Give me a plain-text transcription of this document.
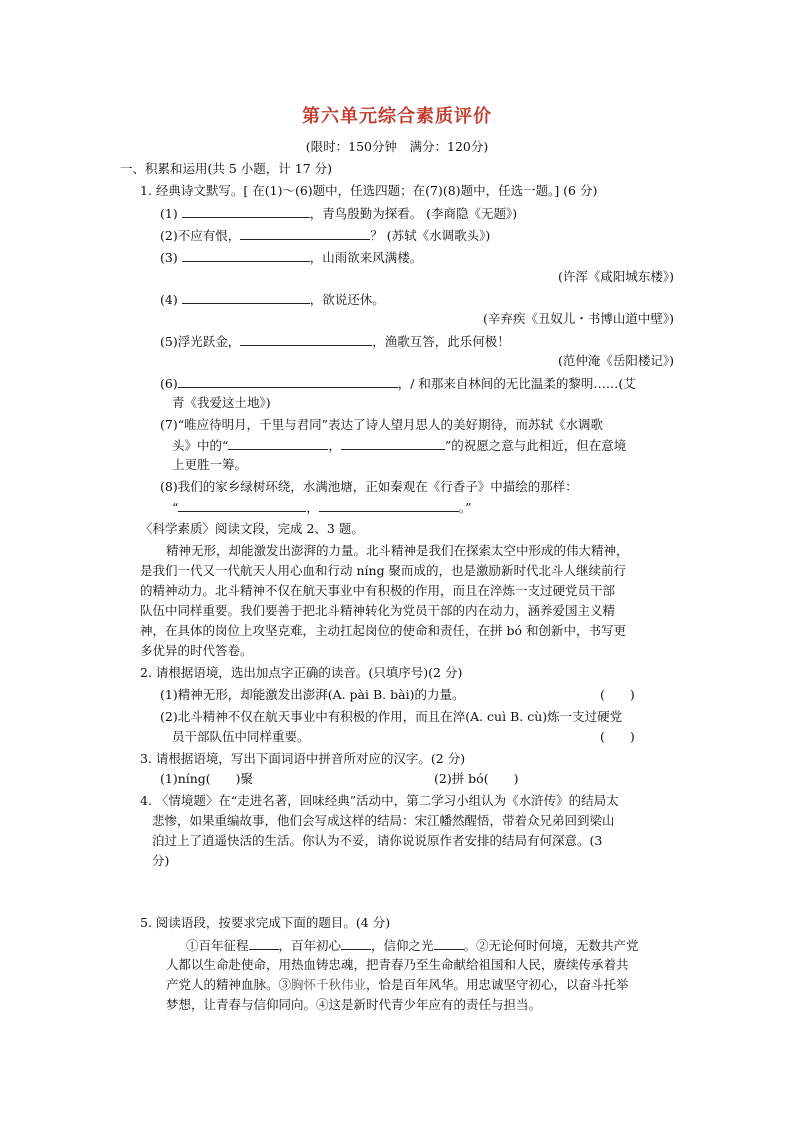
第六单元综合素质评价
(限时：150分钟　满分：120分)
一、积累和运用(共 5 小题，计 17 分)
1. 经典诗文默写。[ 在(1)～(6)题中，任选四题；在(7)(8)题中，任选一题。] (6 分)
(1)	，青鸟殷勤为探看。 (李商隐《无题》)
(2)不应有恨，	？ (苏轼《水调歌头》)
(3)	，山雨欲来风满楼。
(许浑《咸阳城东楼》)
(4)	，欲说还休。
(辛弃疾《丑奴儿・书博山道中壁》)
(5)浮光跃金，	，渔歌互答，此乐何极！
(范仲淹《岳阳楼记》)
(6)	，/ 和那来自林间的无比温柔的黎明……(艾
青《我爱这土地》)
(7)“唯应待明月，千里与君同”表达了诗人望月思人的美好期待，而苏轼《水调歌
头》中的“	，	”的祝愿之意与此相近，但在意境
上更胜一筹。
(8)我们的家乡绿树环绕，水满池塘，正如秦观在《行香子》中描绘的那样：
“	，	。”
〈科学素质〉阅读文段，完成 2、3 题。
精神无形，却能激发出澎湃的力量。北斗精神是我们在探索太空中形成的伟大精神，
是我们一代又一代航天人用心血和行动 níng 聚而成的，也是激励新时代北斗人继续前行
的精神动力。北斗精神不仅在航天事业中有积极的作用，而且在淬炼一支过硬党员干部
队伍中同样重要。我们要善于把北斗精神转化为党员干部的内在动力，涵养爱国主义精
神，在具体的岗位上攻坚克难，主动扛起岗位的使命和责任，在拼 bó 和创新中，书写更
多优异的时代答卷。
2. 请根据语境，选出加点字正确的读音。(只填序号)(2 分)
(1)精神无形，却能激发出澎湃(A. pài B. bài)的力量。	(　　)
(2)北斗精神不仅在航天事业中有积极的作用，而且在淬(A. cuì B. cù)炼一支过硬党
员干部队伍中同样重要。	(　　)
3. 请根据语境，写出下面词语中拼音所对应的汉字。(2 分)
(1)níng(　　)聚	(2)拼 bó(　　)
4. 〈情境题〉在“走进名著，回味经典”活动中，第二学习小组认为《水浒传》的结局太
悲惨，如果重编故事，他们会写成这样的结局：宋江幡然醒悟，带着众兄弟回到梁山
泊过上了逍遥快活的生活。你认为不妥，请你说说原作者安排的结局有何深意。(3
分)
5. 阅读语段，按要求完成下面的题目。(4 分)
①百年征程 ，百年初心 ，信仰之光 。②无论何时何境，无数共产党
人都以生命赴使命，用热血铸忠魂，把青春乃至生命献给祖国和人民，赓续传承着共
产党人的精神血脉。③胸怀千秋伟业，恰是百年风华。用忠诚坚守初心，以奋斗托举
梦想，让青春与信仰同向。④这是新时代青少年应有的责任与担当。
